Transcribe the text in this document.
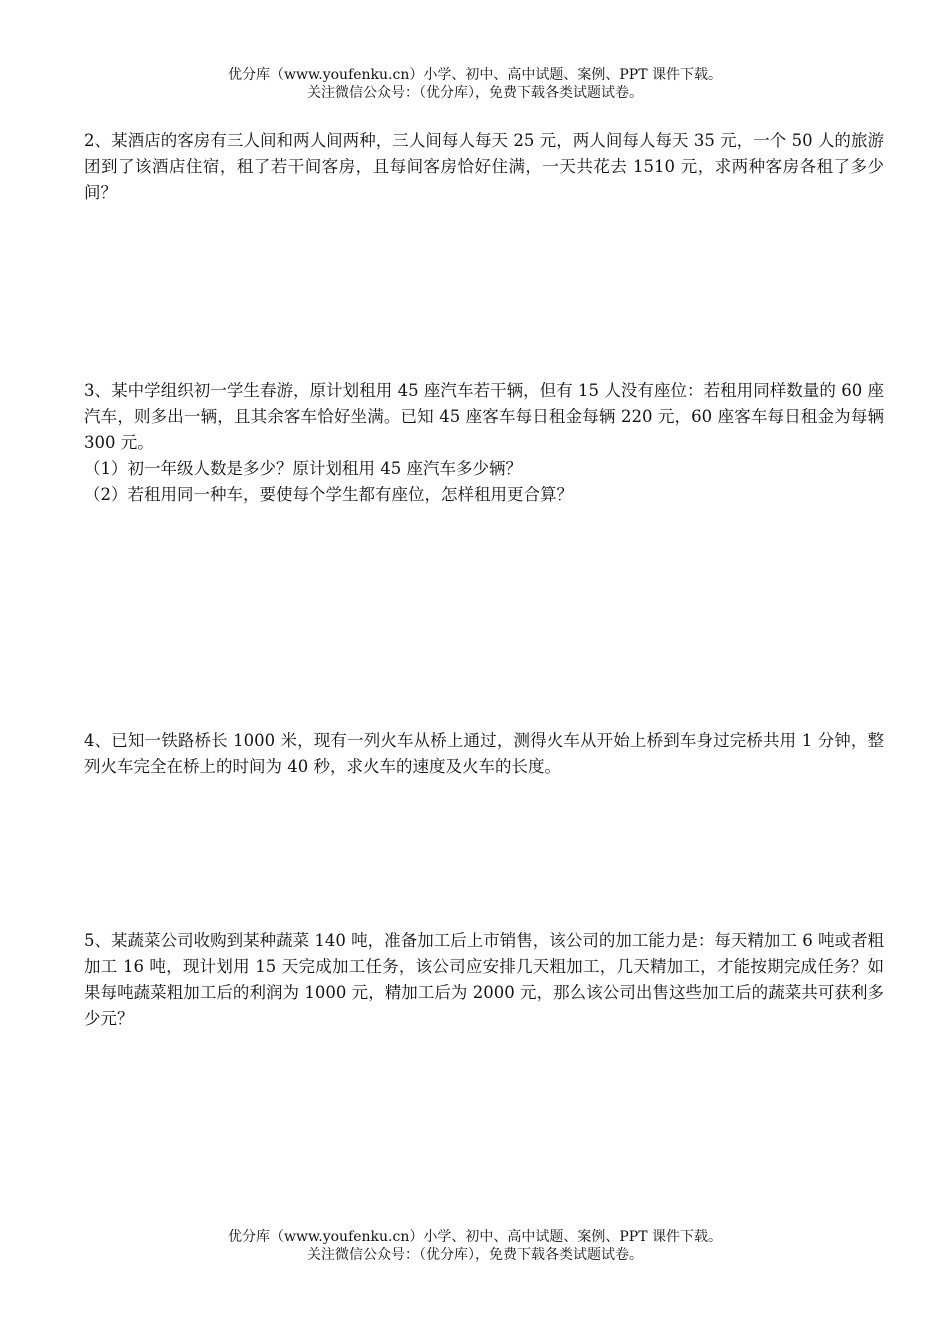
优分库（www.youfenku.cn）小学、初中、高中试题、案例、PPT 课件下载。
关注微信公众号：（优分库），免费下载各类试题试卷。

2、某酒店的客房有三人间和两人间两种，三人间每人每天 25 元，两人间每人每天 35 元，一个 50 人的旅游团到了该酒店住宿，租了若干间客房，且每间客房恰好住满，一天共花去 1510 元，求两种客房各租了多少间？

3、某中学组织初一学生春游，原计划租用 45 座汽车若干辆，但有 15 人没有座位：若租用同样数量的 60 座汽车，则多出一辆，且其余客车恰好坐满。已知 45 座客车每日租金每辆 220 元，60 座客车每日租金为每辆 300 元。

（1）初一年级人数是多少？原计划租用 45 座汽车多少辆？

（2）若租用同一种车，要使每个学生都有座位，怎样租用更合算？

4、已知一铁路桥长 1000 米，现有一列火车从桥上通过，测得火车从开始上桥到车身过完桥共用 1 分钟，整列火车完全在桥上的时间为 40 秒，求火车的速度及火车的长度。

5、某蔬菜公司收购到某种蔬菜 140 吨，准备加工后上市销售，该公司的加工能力是：每天精加工 6 吨或者粗加工 16 吨，现计划用 15 天完成加工任务，该公司应安排几天粗加工，几天精加工，才能按期完成任务？如果每吨蔬菜粗加工后的利润为 1000 元，精加工后为 2000 元，那么该公司出售这些加工后的蔬菜共可获利多少元？

优分库（www.youfenku.cn）小学、初中、高中试题、案例、PPT 课件下载。
关注微信公众号：（优分库），免费下载各类试题试卷。
